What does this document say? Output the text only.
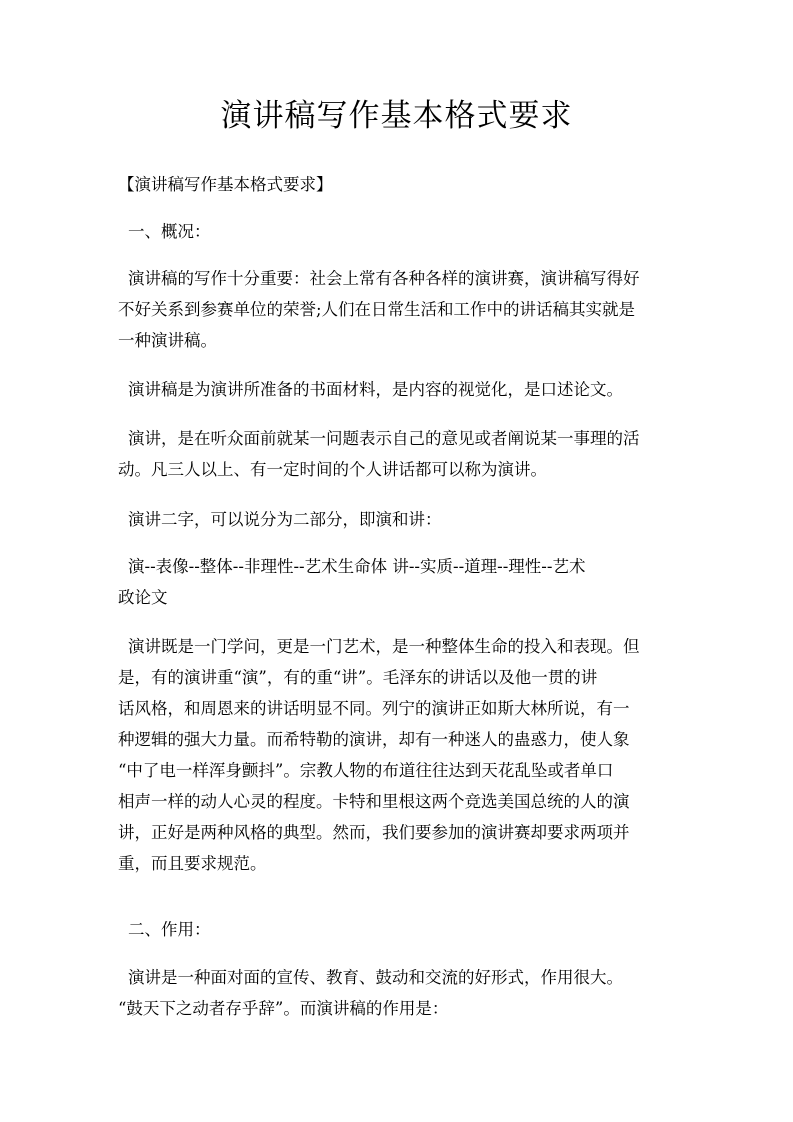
演讲稿写作基本格式要求

【演讲稿写作基本格式要求】

一、概况：

演讲稿的写作十分重要：社会上常有各种各样的演讲赛，演讲稿写得好
不好关系到参赛单位的荣誉;人们在日常生活和工作中的讲话稿其实就是
一种演讲稿。

演讲稿是为演讲所准备的书面材料，是内容的视觉化，是口述论文。

演讲，是在听众面前就某一问题表示自己的意见或者阐说某一事理的活
动。凡三人以上、有一定时间的个人讲话都可以称为演讲。

演讲二字，可以说分为二部分，即演和讲：

演--表像--整体--非理性--艺术生命体 讲--实质--道理--理性--艺术
政论文

演讲既是一门学问，更是一门艺术，是一种整体生命的投入和表现。但
是，有的演讲重“演”，有的重“讲”。毛泽东的讲话以及他一贯的讲
话风格，和周恩来的讲话明显不同。列宁的演讲正如斯大林所说，有一
种逻辑的强大力量。而希特勒的演讲，却有一种迷人的蛊惑力，使人象
“中了电一样浑身颤抖”。宗教人物的布道往往达到天花乱坠或者单口
相声一样的动人心灵的程度。卡特和里根这两个竞选美国总统的人的演
讲，正好是两种风格的典型。然而，我们要参加的演讲赛却要求两项并
重，而且要求规范。

二、作用：

演讲是一种面对面的宣传、教育、鼓动和交流的好形式，作用很大。
“鼓天下之动者存乎辞”。而演讲稿的作用是：
